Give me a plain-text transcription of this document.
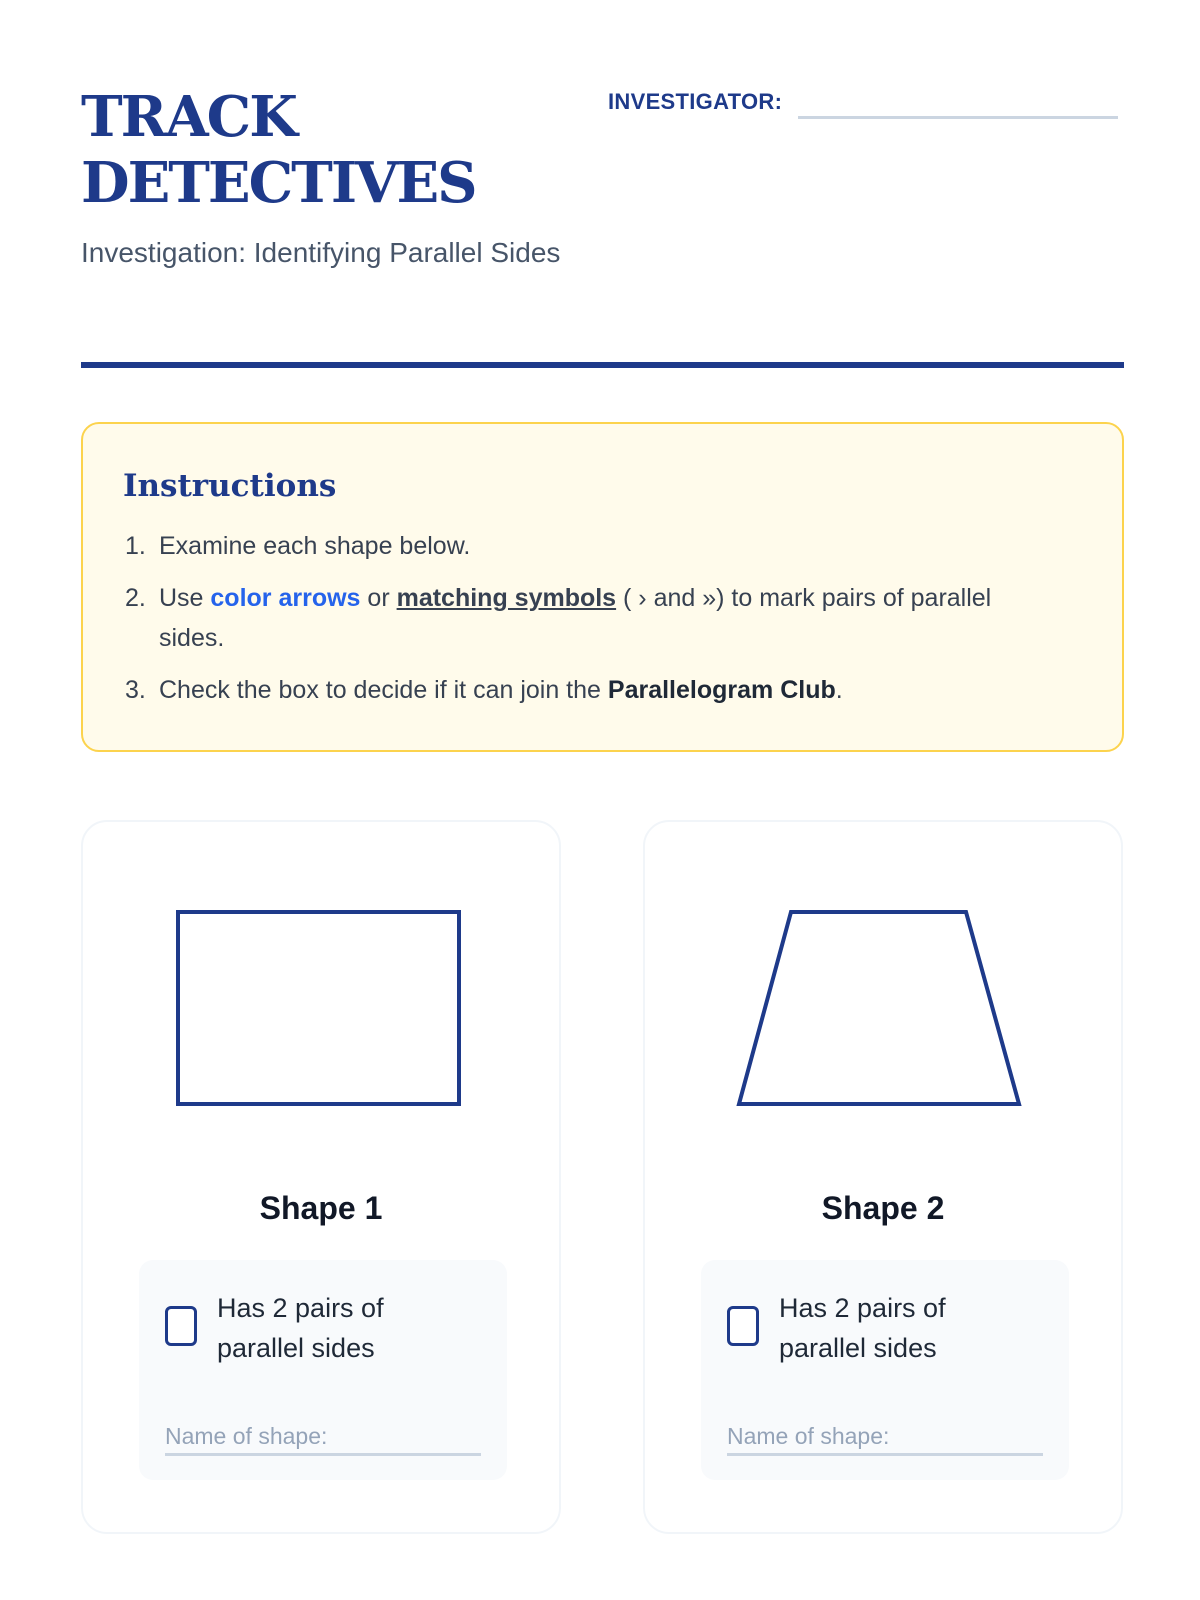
TRACK
DETECTIVES
Investigation: Identifying Parallel Sides
INVESTIGATOR:
Instructions
1. Examine each shape below.
2. Use color arrows or matching symbols ( › and ») to mark pairs of parallel sides.
3. Check the box to decide if it can join the Parallelogram Club.
Shape 1
Has 2 pairs of parallel sides
Name of shape:
Shape 2
Has 2 pairs of parallel sides
Name of shape:
